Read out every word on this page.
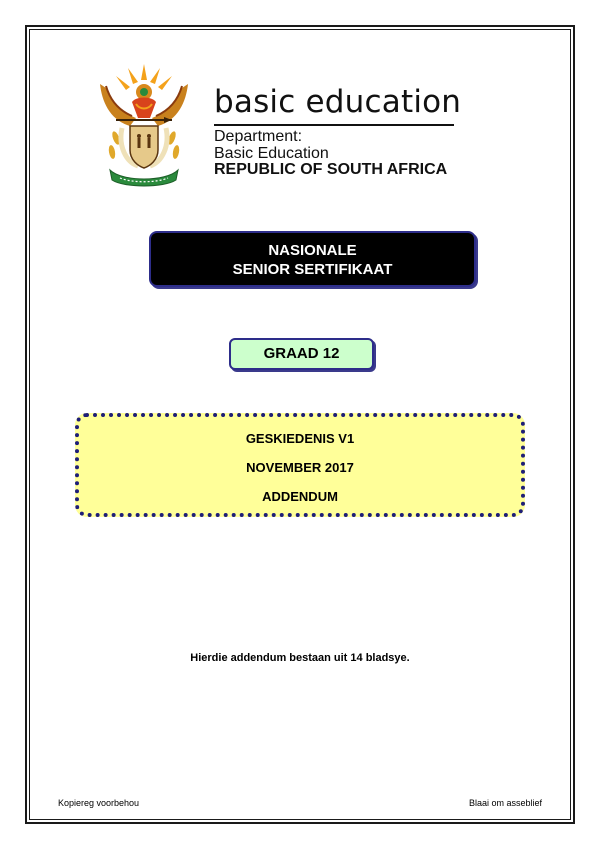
basic education
Department:
Basic Education
REPUBLIC OF SOUTH AFRICA
NASIONALE
SENIOR SERTIFIKAAT
GRAAD 12
GESKIEDENIS V1
NOVEMBER 2017
ADDENDUM
Hierdie addendum bestaan uit 14 bladsye.
Kopiereg voorbehou	Blaai om asseblief
